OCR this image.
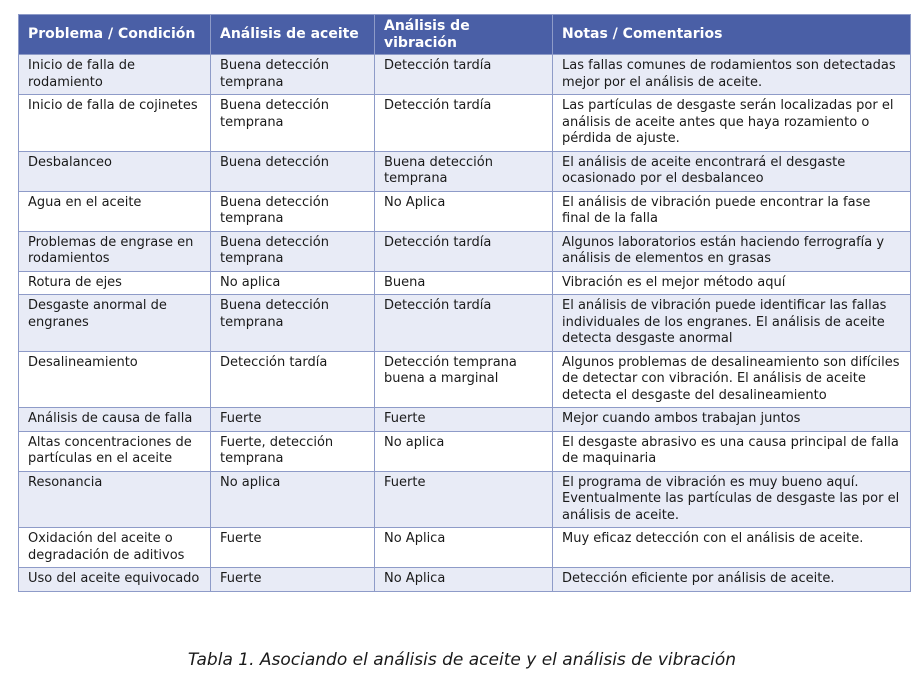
Problema / Condición	Análisis de aceite	Análisis de vibración	Notas / Comentarios
Inicio de falla de rodamiento	Buena detección temprana	Detección tardía	Las fallas comunes de rodamientos son detectadas mejor por el análisis de aceite.
Inicio de falla de cojinetes	Buena detección temprana	Detección tardía	Las partículas de desgaste serán localizadas por el análisis de aceite antes que haya rozamiento o pérdida de ajuste.
Desbalanceo	Buena detección	Buena detección temprana	El análisis de aceite encontrará el desgaste ocasionado por el desbalanceo
Agua en el aceite	Buena detección temprana	No Aplica	El análisis de vibración puede encontrar la fase final de la falla
Problemas de engrase en rodamientos	Buena detección temprana	Detección tardía	Algunos laboratorios están haciendo ferrografía y análisis de elementos en grasas
Rotura de ejes	No aplica	Buena	Vibración es el mejor método aquí
Desgaste anormal de engranes	Buena detección temprana	Detección tardía	El análisis de vibración puede identificar las fallas individuales de los engranes. El análisis de aceite detecta desgaste anormal
Desalineamiento	Detección tardía	Detección temprana buena a marginal	Algunos problemas de desalineamiento son difíciles de detectar con vibración. El análisis de aceite detecta el desgaste del desalineamiento
Análisis de causa de falla	Fuerte	Fuerte	Mejor cuando ambos trabajan juntos
Altas concentraciones de partículas en el aceite	Fuerte, detección temprana	No aplica	El desgaste abrasivo es una causa principal de falla de maquinaria
Resonancia	No aplica	Fuerte	El programa de vibración es muy bueno aquí. Eventualmente las partículas de desgaste las por el análisis de aceite.
Oxidación del aceite o degradación de aditivos	Fuerte	No Aplica	Muy eficaz detección con el análisis de aceite.
Uso del aceite equivocado	Fuerte	No Aplica	Detección eficiente por análisis de aceite.
Tabla 1. Asociando el análisis de aceite y el análisis de vibración
